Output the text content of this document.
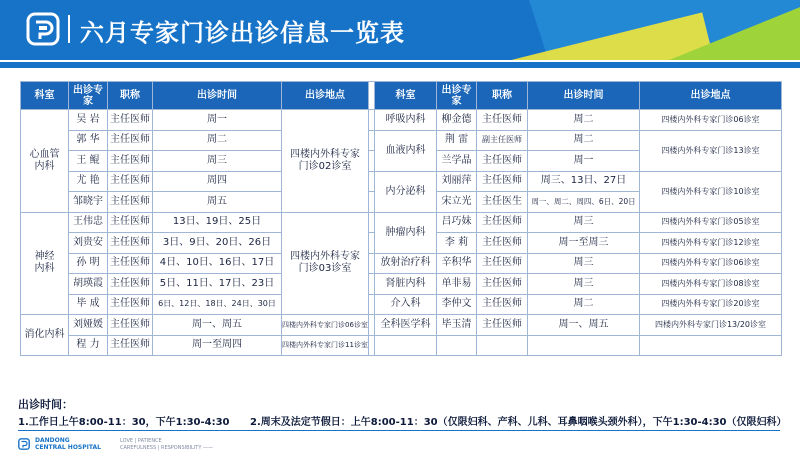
六月专家门诊出诊信息一览表
科室	出诊专家	职称	出诊时间	出诊地点		科室	出诊专家	职称	出诊时间	出诊地点
心血管内科	吴 岩	主任医师	周一	四楼内外科专家门诊02诊室		呼吸内科	柳金德	主任医师	周二	四楼内外科专家门诊06诊室
	郭 华	主任医师	周二			血液内科	荆 雷	副主任医师	周二	四楼内外科专家门诊13诊室
	王 鲲	主任医师	周三				兰学晶	主任医师	周一	
	尤 艳	主任医师	周四			内分泌科	刘丽萍	主任医师	周三、13日、27日	四楼内外科专家门诊10诊室
	邹晓宇	主任医师	周五				宋立光	主任医生	周一、周二、周四、6日、20日	
神经内科	王伟忠	主任医师	13日、19日、25日	四楼内外科专家门诊03诊室		肿瘤内科	吕巧妹	主任医师	周三	四楼内外科专家门诊05诊室
	刘贵安	主任医师	3日、9日、20日、26日				李 莉	主任医师	周一至周三	四楼内外科专家门诊12诊室
	孙 明	主任医师	4日、10日、16日、17日			放射治疗科	辛积华	主任医师	周三	四楼内外科专家门诊06诊室
	胡瑛霞	主任医师	5日、11日、17日、23日			肾脏内科	单非易	主任医师	周三	四楼内外科专家门诊08诊室
	毕 成	主任医师	6日、12日、18日、24日、30日			介入科	李仲文	主任医师	周二	四楼内外科专家门诊20诊室
消化内科	刘娅媛	主任医师	周一、周五	四楼内外科专家门诊06诊室		全科医学科	毕玉清	主任医师	周一、周五	四楼内外科专家门诊13/20诊室
	程 力	主任医师	周一至周四	四楼内外科专家门诊11诊室						
出诊时间：
1.工作日上午8:00-11：30，下午1:30-4:30 2.周末及法定节假日：上午8:00-11：30（仅限妇科、产科、儿科、耳鼻咽喉头颈外科），下午1:30-4:30（仅限妇科）
DANDONG
CENTRAL HOSPITAL
LOVE | PATIENCE
CAREFULNESS | RESPONSIBILITY ——
